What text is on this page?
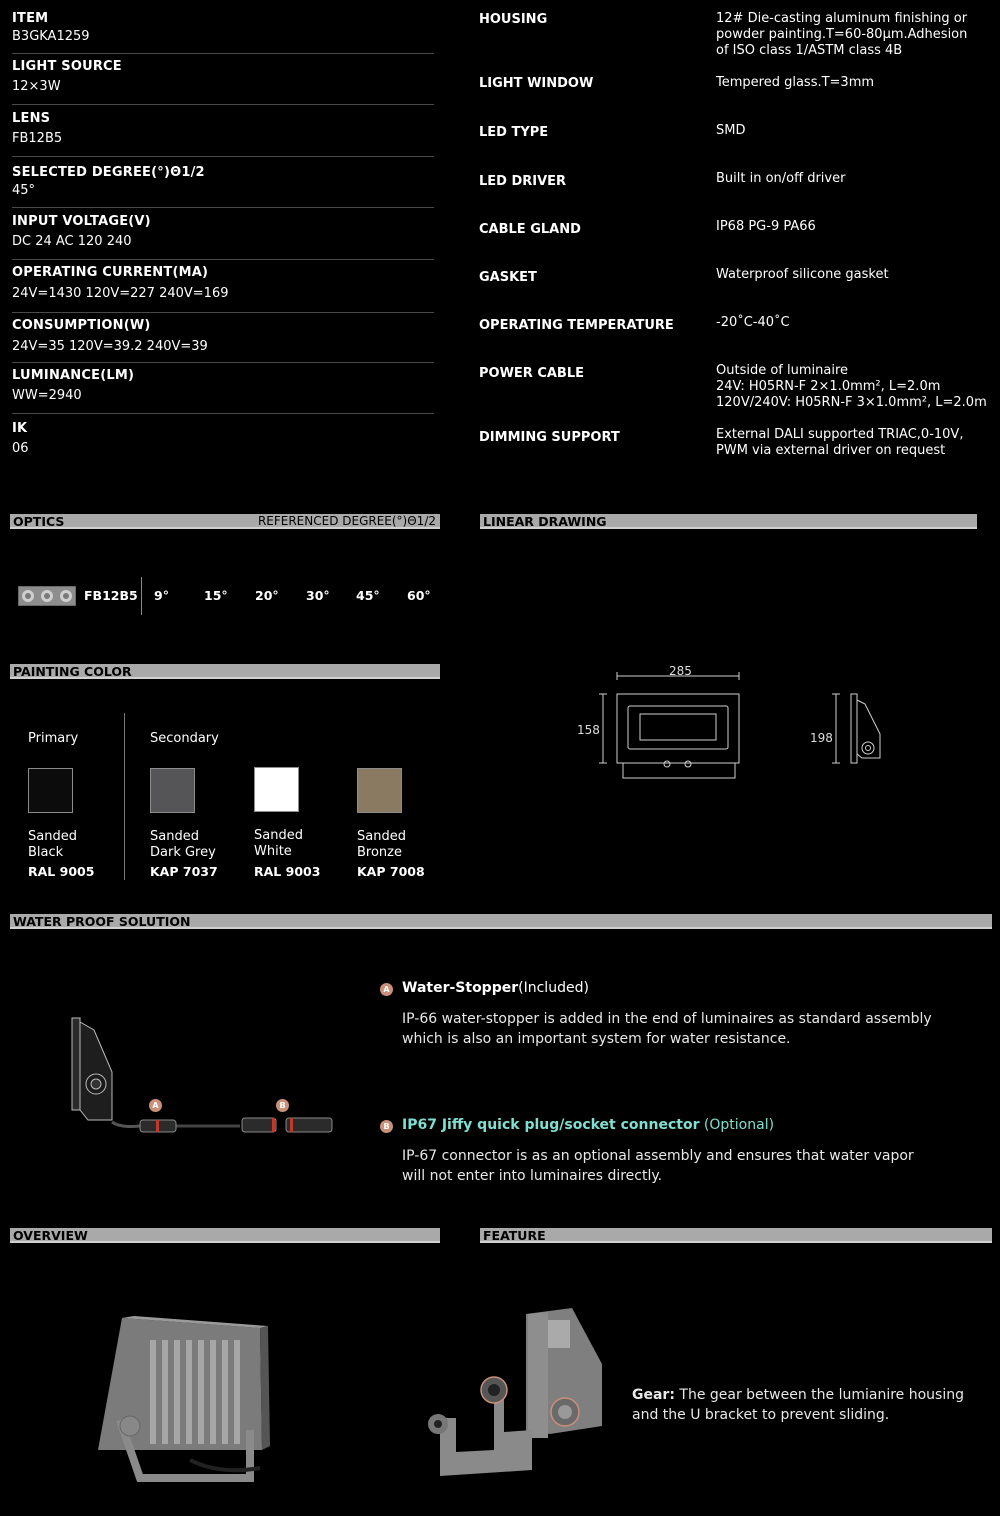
ITEM
B3GKA1259
LIGHT SOURCE
12×3W
LENS
FB12B5
SELECTED DEGREE(°)Θ1/2
45°
INPUT VOLTAGE(V)
DC 24 AC 120 240
OPERATING CURRENT(MA)
24V=1430 120V=227 240V=169
CONSUMPTION(W)
24V=35 120V=39.2 240V=39
LUMINANCE(LM)
WW=2940
IK
06
HOUSING	12# Die-casting aluminum finishing or powder painting.T=60-80μm.Adhesion of ISO class 1/ASTM class 4B
LIGHT WINDOW	Tempered glass.T=3mm
LED TYPE	SMD
LED DRIVER	Built in on/off driver
CABLE GLAND	IP68 PG-9 PA66
GASKET	Waterproof silicone gasket
OPERATING TEMPERATURE	-20˚C-40˚C
POWER CABLE	Outside of luminaire
24V: H05RN-F 2×1.0mm², L=2.0m
120V/240V: H05RN-F 3×1.0mm², L=2.0m
DIMMING SUPPORT	External DALI supported TRIAC,0-10V,
PWM via external driver on request
OPTICS	REFERENCED DEGREE(°)Θ1/2
FB12B5 9°	15° 20° 30° 45° 60°
LINEAR DRAWING
285
158
198
PAINTING COLOR
Primary	Secondary
Sanded
Black
RAL 9005
Sanded
Dark Grey
KAP 7037
Sanded
White
RAL 9003
Sanded
Bronze
KAP 7008
WATER PROOF SOLUTION
A	B
A Water-Stopper(Included)
IP-66 water-stopper is added in the end of luminaires as standard assembly
which is also an important system for water resistance.
B IP67 Jiffy quick plug/socket connector (Optional)
IP-67 connector is as an optional assembly and ensures that water vapor
will not enter into luminaires directly.
OVERVIEW	FEATURE
Gear: The gear between the lumianire housing
and the U bracket to prevent sliding.
